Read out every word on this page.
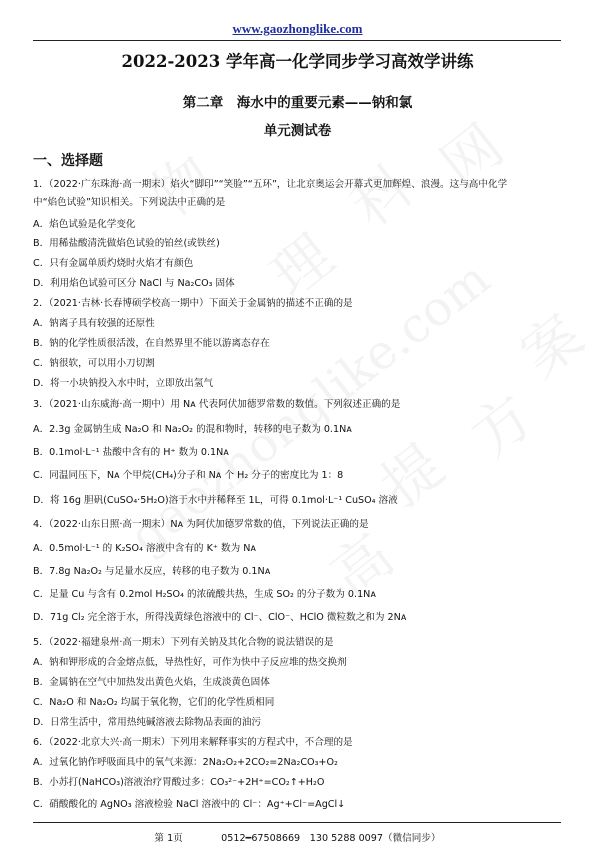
www.gaozhonglike.com
2022-2023 学年高一化学同步学习高效学讲练
第二章　海水中的重要元素——钠和氯
单元测试卷
一、选择题
1．（2022·广东珠海·高一期末）焰火“脚印”“笑脸”“五环”，让北京奥运会开幕式更加辉煌、浪漫。这与高中化学
中“焰色试验”知识相关。下列说法中正确的是
A．焰色试验是化学变化
B．用稀盐酸清洗做焰色试验的铂丝(或铁丝)
C．只有金属单质灼烧时火焰才有颜色
D．利用焰色试验可区分 NaCl 与 Na₂CO₃ 固体
2．（2021·吉林·长春博硕学校高一期中）下面关于金属钠的描述不正确的是
A．钠离子具有较强的还原性
B．钠的化学性质很活泼，在自然界里不能以游离态存在
C．钠很软，可以用小刀切割
D．将一小块钠投入水中时，立即放出氢气
3．（2021·山东威海·高一期中）用 Nᴀ 代表阿伏加德罗常数的数值。下列叙述正确的是
A．2.3g 金属钠生成 Na₂O 和 Na₂O₂ 的混和物时，转移的电子数为 0.1Nᴀ
B．0.1mol·L⁻¹ 盐酸中含有的 H⁺ 数为 0.1Nᴀ
C．同温同压下，Nᴀ 个甲烷(CH₄)分子和 Nᴀ 个 H₂ 分子的密度比为 1：8
D．将 16g 胆矾(CuSO₄·5H₂O)溶于水中并稀释至 1L，可得 0.1mol·L⁻¹ CuSO₄ 溶液
4．（2022·山东日照·高一期末）Nᴀ 为阿伏加德罗常数的值，下列说法正确的是
A．0.5mol·L⁻¹ 的 K₂SO₄ 溶液中含有的 K⁺ 数为 Nᴀ
B．7.8g Na₂O₂ 与足量水反应，转移的电子数为 0.1Nᴀ
C．足量 Cu 与含有 0.2mol H₂SO₄ 的浓硫酸共热，生成 SO₂ 的分子数为 0.1Nᴀ
D．71g Cl₂ 完全溶于水，所得浅黄绿色溶液中的 Cl⁻、ClO⁻、HClO 微粒数之和为 2Nᴀ
5．（2022·福建泉州·高一期末）下列有关钠及其化合物的说法错误的是
A．钠和钾形成的合金熔点低，导热性好，可作为快中子反应堆的热交换剂
B．金属钠在空气中加热发出黄色火焰，生成淡黄色固体
C．Na₂O 和 Na₂O₂ 均属于氧化物，它们的化学性质相同
D．日常生活中，常用热纯碱溶液去除物品表面的油污
6．（2022·北京大兴·高一期末）下列用来解释事实的方程式中，不合理的是
A．过氧化钠作呼吸面具中的氧气来源：2Na₂O₂+2CO₂=2Na₂CO₃+O₂
B．小苏打(NaHCO₃)溶液治疗胃酸过多：CO₃²⁻+2H⁺=CO₂↑+H₂O
C．硝酸酸化的 AgNO₃ 溶液检验 NaCl 溶液中的 Cl⁻：Ag⁺+Cl⁻=AgCl↓
第 1页　　　　0512━67508669　130 5288 0097（微信同步）
